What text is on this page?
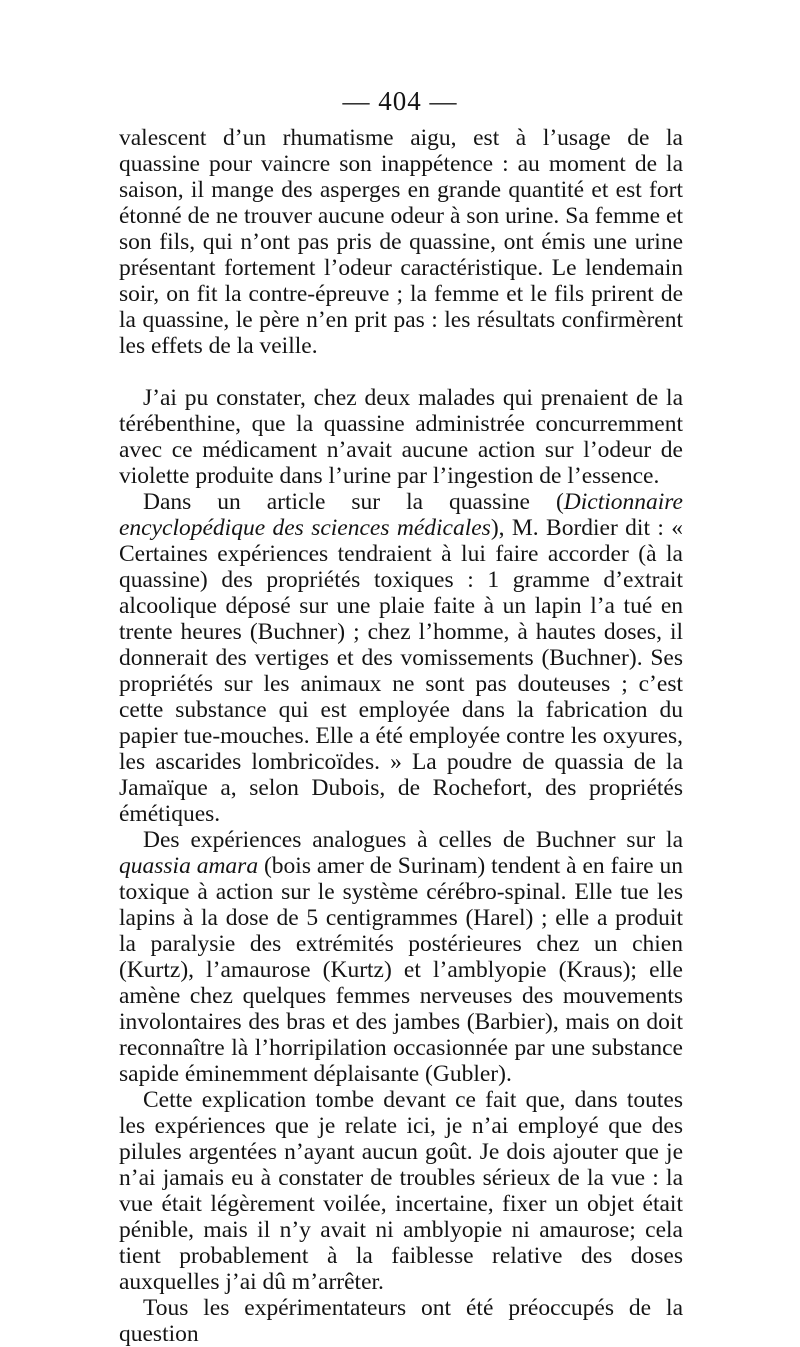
— 404 —

valescent d’un rhumatisme aigu, est à l’usage de la quassine pour vaincre son inappétence : au moment de la saison, il mange des asperges en grande quantité et est fort étonné de ne trouver aucune odeur à son urine. Sa femme et son fils, qui n’ont pas pris de quassine, ont émis une urine présentant fortement l’odeur caractéristique. Le lendemain soir, on fit la contre-épreuve ; la femme et le fils prirent de la quassine, le père n’en prit pas : les résultats confirmèrent les effets de la veille.

J’ai pu constater, chez deux malades qui prenaient de la térébenthine, que la quassine administrée concurremment avec ce médicament n’avait aucune action sur l’odeur de violette produite dans l’urine par l’ingestion de l’essence.

Dans un article sur la quassine (Dictionnaire encyclopédique des sciences médicales), M. Bordier dit : « Certaines expériences tendraient à lui faire accorder (à la quassine) des propriétés toxiques : 1 gramme d’extrait alcoolique déposé sur une plaie faite à un lapin l’a tué en trente heures (Buchner) ; chez l’homme, à hautes doses, il donnerait des vertiges et des vomissements (Buchner). Ses propriétés sur les animaux ne sont pas douteuses ; c’est cette substance qui est employée dans la fabrication du papier tue-mouches. Elle a été employée contre les oxyures, les ascarides lombricoïdes. » La poudre de quassia de la Jamaïque a, selon Dubois, de Rochefort, des propriétés émétiques.

Des expériences analogues à celles de Buchner sur la quassia amara (bois amer de Surinam) tendent à en faire un toxique à action sur le système cérébro-spinal. Elle tue les lapins à la dose de 5 centigrammes (Harel) ; elle a produit la paralysie des extrémités postérieures chez un chien (Kurtz), l’amaurose (Kurtz) et l’amblyopie (Kraus); elle amène chez quelques femmes nerveuses des mouvements involontaires des bras et des jambes (Barbier), mais on doit reconnaître là l’horripilation occasionnée par une substance sapide éminemment déplaisante (Gubler).

Cette explication tombe devant ce fait que, dans toutes les expériences que je relate ici, je n’ai employé que des pilules argentées n’ayant aucun goût. Je dois ajouter que je n’ai jamais eu à constater de troubles sérieux de la vue : la vue était légèrement voilée, incertaine, fixer un objet était pénible, mais il n’y avait ni amblyopie ni amaurose; cela tient probablement à la faiblesse relative des doses auxquelles j’ai dû m’arrêter.

Tous les expérimentateurs ont été préoccupés de la question
